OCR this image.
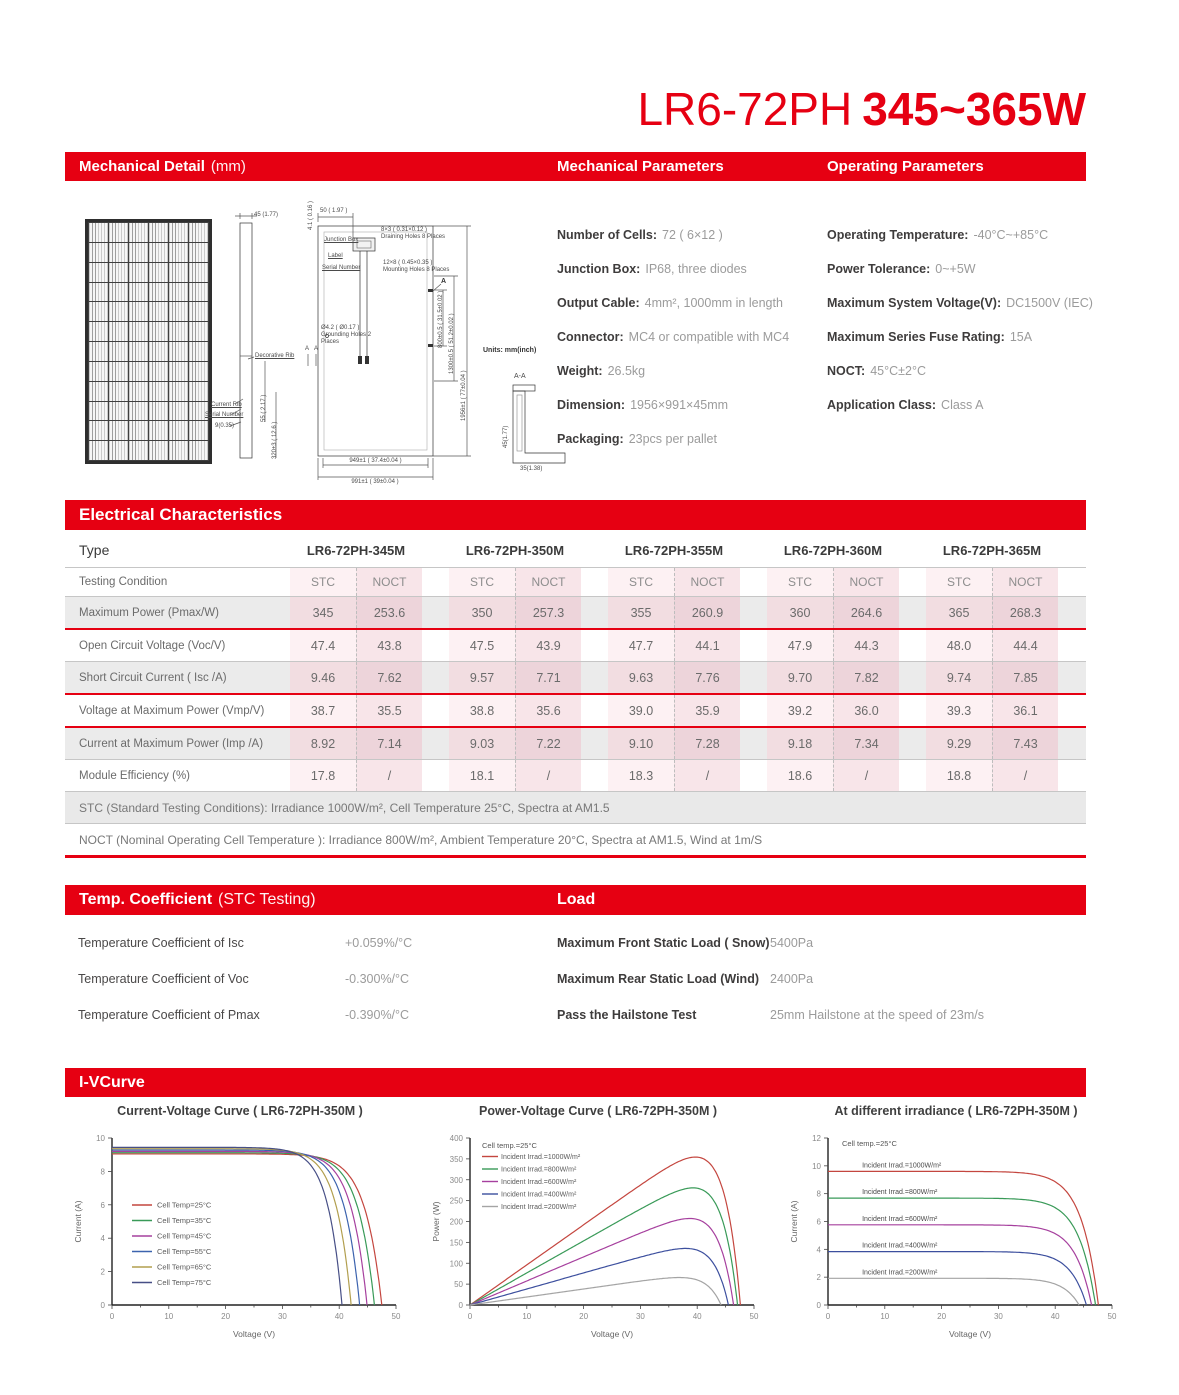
LR6-72PH 345~365W
Mechanical Detail (mm)	Mechanical Parameters	Operating Parameters
45 (1.77)
50 ( 1.97 )
4.1 ( 0.16 )
Junction Box
8×3 ( 0.31×0.12 )
Draining Holes 8 Places
12×8 ( 0.45×0.35 )
Mounting Holes 8 Places
Label
Serial Number
Ø4.2 ( Ø0.17 )
Grounding Holes 2 Places
A
800±0.5 ( 31.5±0.02 ) 1300±0.5 ( 51.2±0.02 )
1956±1 ( 77±0.04 )
949±1 ( 37.4±0.04 )
991±1 ( 39±0.04 )
Units: mm(inch)
A-A
45(1.77)
35(1.38)
Decorative Rib
Current Rib
Serial Number
9(0.35)
55 ( 2.17 )
320±3 ( 12.6 )
A A
Number of Cells: 72 ( 6×12 )
Junction Box: IP68, three diodes
Output Cable: 4mm², 1000mm in length
Connector: MC4 or compatible with MC4
Weight: 26.5kg
Dimension: 1956×991×45mm
Packaging: 23pcs per pallet
Operating Temperature: -40°C~+85°C
Power Tolerance: 0~+5W
Maximum System Voltage(V): DC1500V (IEC)
Maximum Series Fuse Rating: 15A
NOCT: 45°C±2°C
Application Class: Class A
Electrical Characteristics
Type	LR6-72PH-345M	LR6-72PH-350M	LR6-72PH-355M	LR6-72PH-360M	LR6-72PH-365M
Testing Condition	STC	NOCT	STC	NOCT	STC	NOCT	STC	NOCT	STC	NOCT
Maximum Power (Pmax/W)	345	253.6	350	257.3	355	260.9	360	264.6	365	268.3
Open Circuit Voltage (Voc/V)	47.4	43.8	47.5	43.9	47.7	44.1	47.9	44.3	48.0	44.4
Short Circuit Current ( Isc /A)	9.46	7.62	9.57	7.71	9.63	7.76	9.70	7.82	9.74	7.85
Voltage at Maximum Power (Vmp/V)	38.7	35.5	38.8	35.6	39.0	35.9	39.2	36.0	39.3	36.1
Current at Maximum Power (Imp /A)	8.92	7.14	9.03	7.22	9.10	7.28	9.18	7.34	9.29	7.43
Module Efficiency (%)	17.8	/	18.1	/	18.3	/	18.6	/	18.8	/
STC (Standard Testing Conditions): Irradiance 1000W/m², Cell Temperature 25°C, Spectra at AM1.5
NOCT (Nominal Operating Cell Temperature ): Irradiance 800W/m², Ambient Temperature 20°C, Spectra at AM1.5, Wind at 1m/S
Temp. Coefficient (STC Testing)	Load
Temperature Coefficient of Isc	+0.059%/°C
Temperature Coefficient of Voc	-0.300%/°C
Temperature Coefficient of Pmax	-0.390%/°C
Maximum Front Static Load ( Snow) 5400Pa
Maximum Rear Static Load (Wind) 2400Pa
Pass the Hailstone Test	25mm Hailstone at the speed of 23m/s
I-VCurve
Current-Voltage Curve ( LR6-72PH-350M )
0	10	20	30	40	50
0
2
4
6
8
10
Voltage (V)
Current (A)	Cell Temp=25°C
Cell Temp=35°C
Cell Temp=45°C
Cell Temp=55°C
Cell Temp=65°C
Cell Temp=75°C
Power-Voltage Curve ( LR6-72PH-350M )
0	10	20	30	40	50
0
50
100
150
200
250
300
350
400
Voltage (V)
Power (W)
Cell temp.=25°C
Incident Irrad.=1000W/m²
Incident Irrad.=800W/m²
Incident Irrad.=600W/m²
Incident Irrad.=400W/m²
Incident Irrad.=200W/m²
At different irradiance ( LR6-72PH-350M )
0	10	20	30	40	50
0
2
4
6
8
10
12
Voltage (V)
Current (A)
Cell temp.=25°C
Incident Irrad.=1000W/m²
Incident Irrad.=800W/m²
Incident Irrad.=600W/m²
Incident Irrad.=400W/m²
Incident Irrad.=200W/m²
